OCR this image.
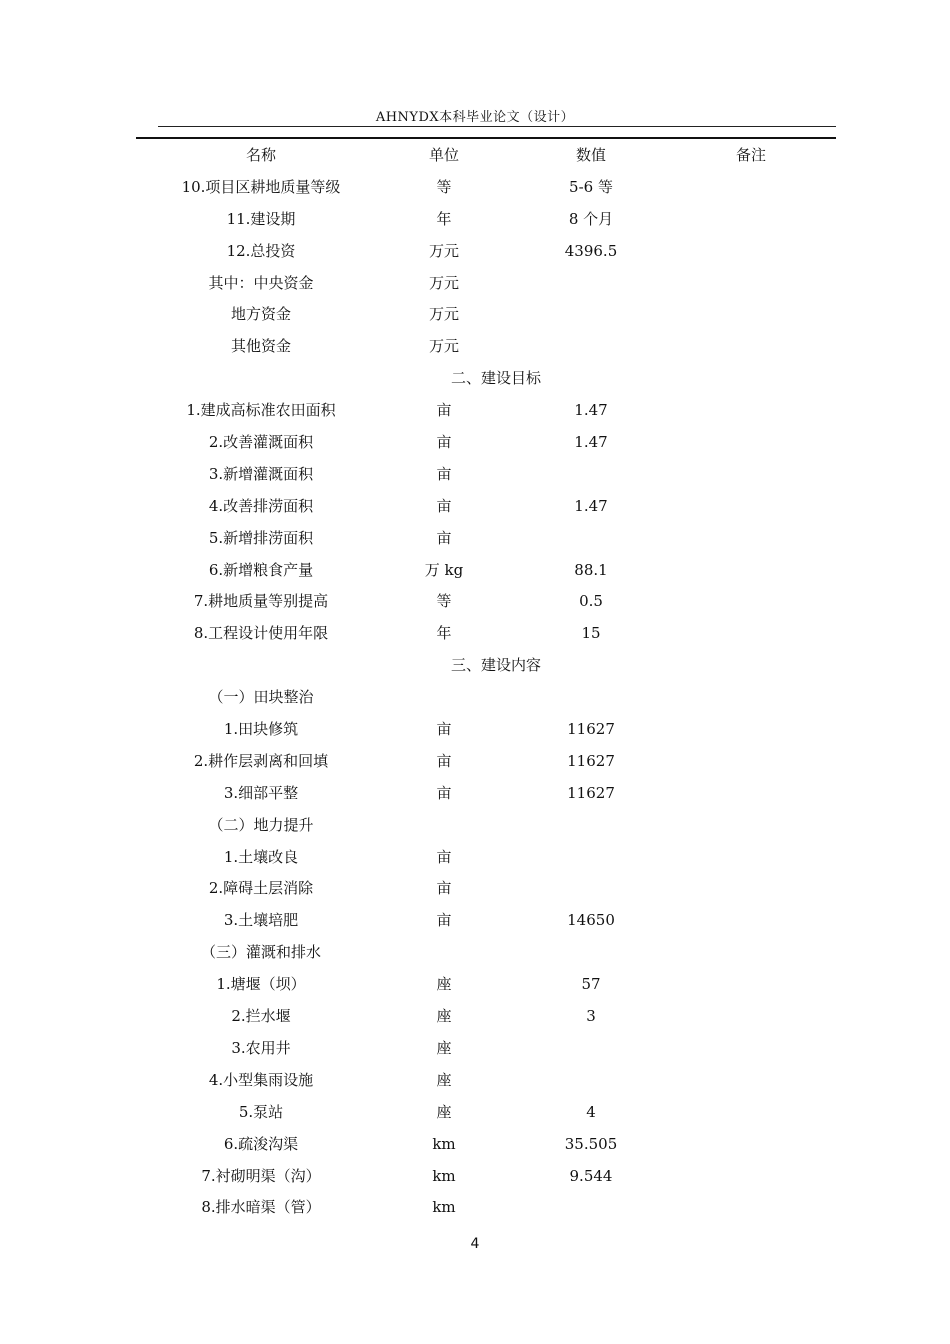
AHNYDX本科毕业论文（设计）
名称	单位	数值	备注
10.项目区耕地质量等级	等	5-6 等
11.建设期	年	8 个月
12.总投资	万元	4396.5
其中：中央资金	万元
地方资金	万元
其他资金	万元
二、建设目标
1.建成高标准农田面积	亩	1.47
2.改善灌溉面积	亩	1.47
3.新增灌溉面积	亩
4.改善排涝面积	亩	1.47
5.新增排涝面积	亩
6.新增粮食产量	万 kg	88.1
7.耕地质量等别提高	等	0.5
8.工程设计使用年限	年	15
三、建设内容
（一）田块整治
1.田块修筑	亩	11627
2.耕作层剥离和回填	亩	11627
3.细部平整	亩	11627
（二）地力提升
1.土壤改良	亩
2.障碍土层消除	亩
3.土壤培肥	亩	14650
（三）灌溉和排水
1.塘堰（坝）	座	57
2.拦水堰	座	3
3.农用井	座
4.小型集雨设施	座
5.泵站	座	4
6.疏浚沟渠	km	35.505
7.衬砌明渠（沟）	km	9.544
8.排水暗渠（管）	km
4
